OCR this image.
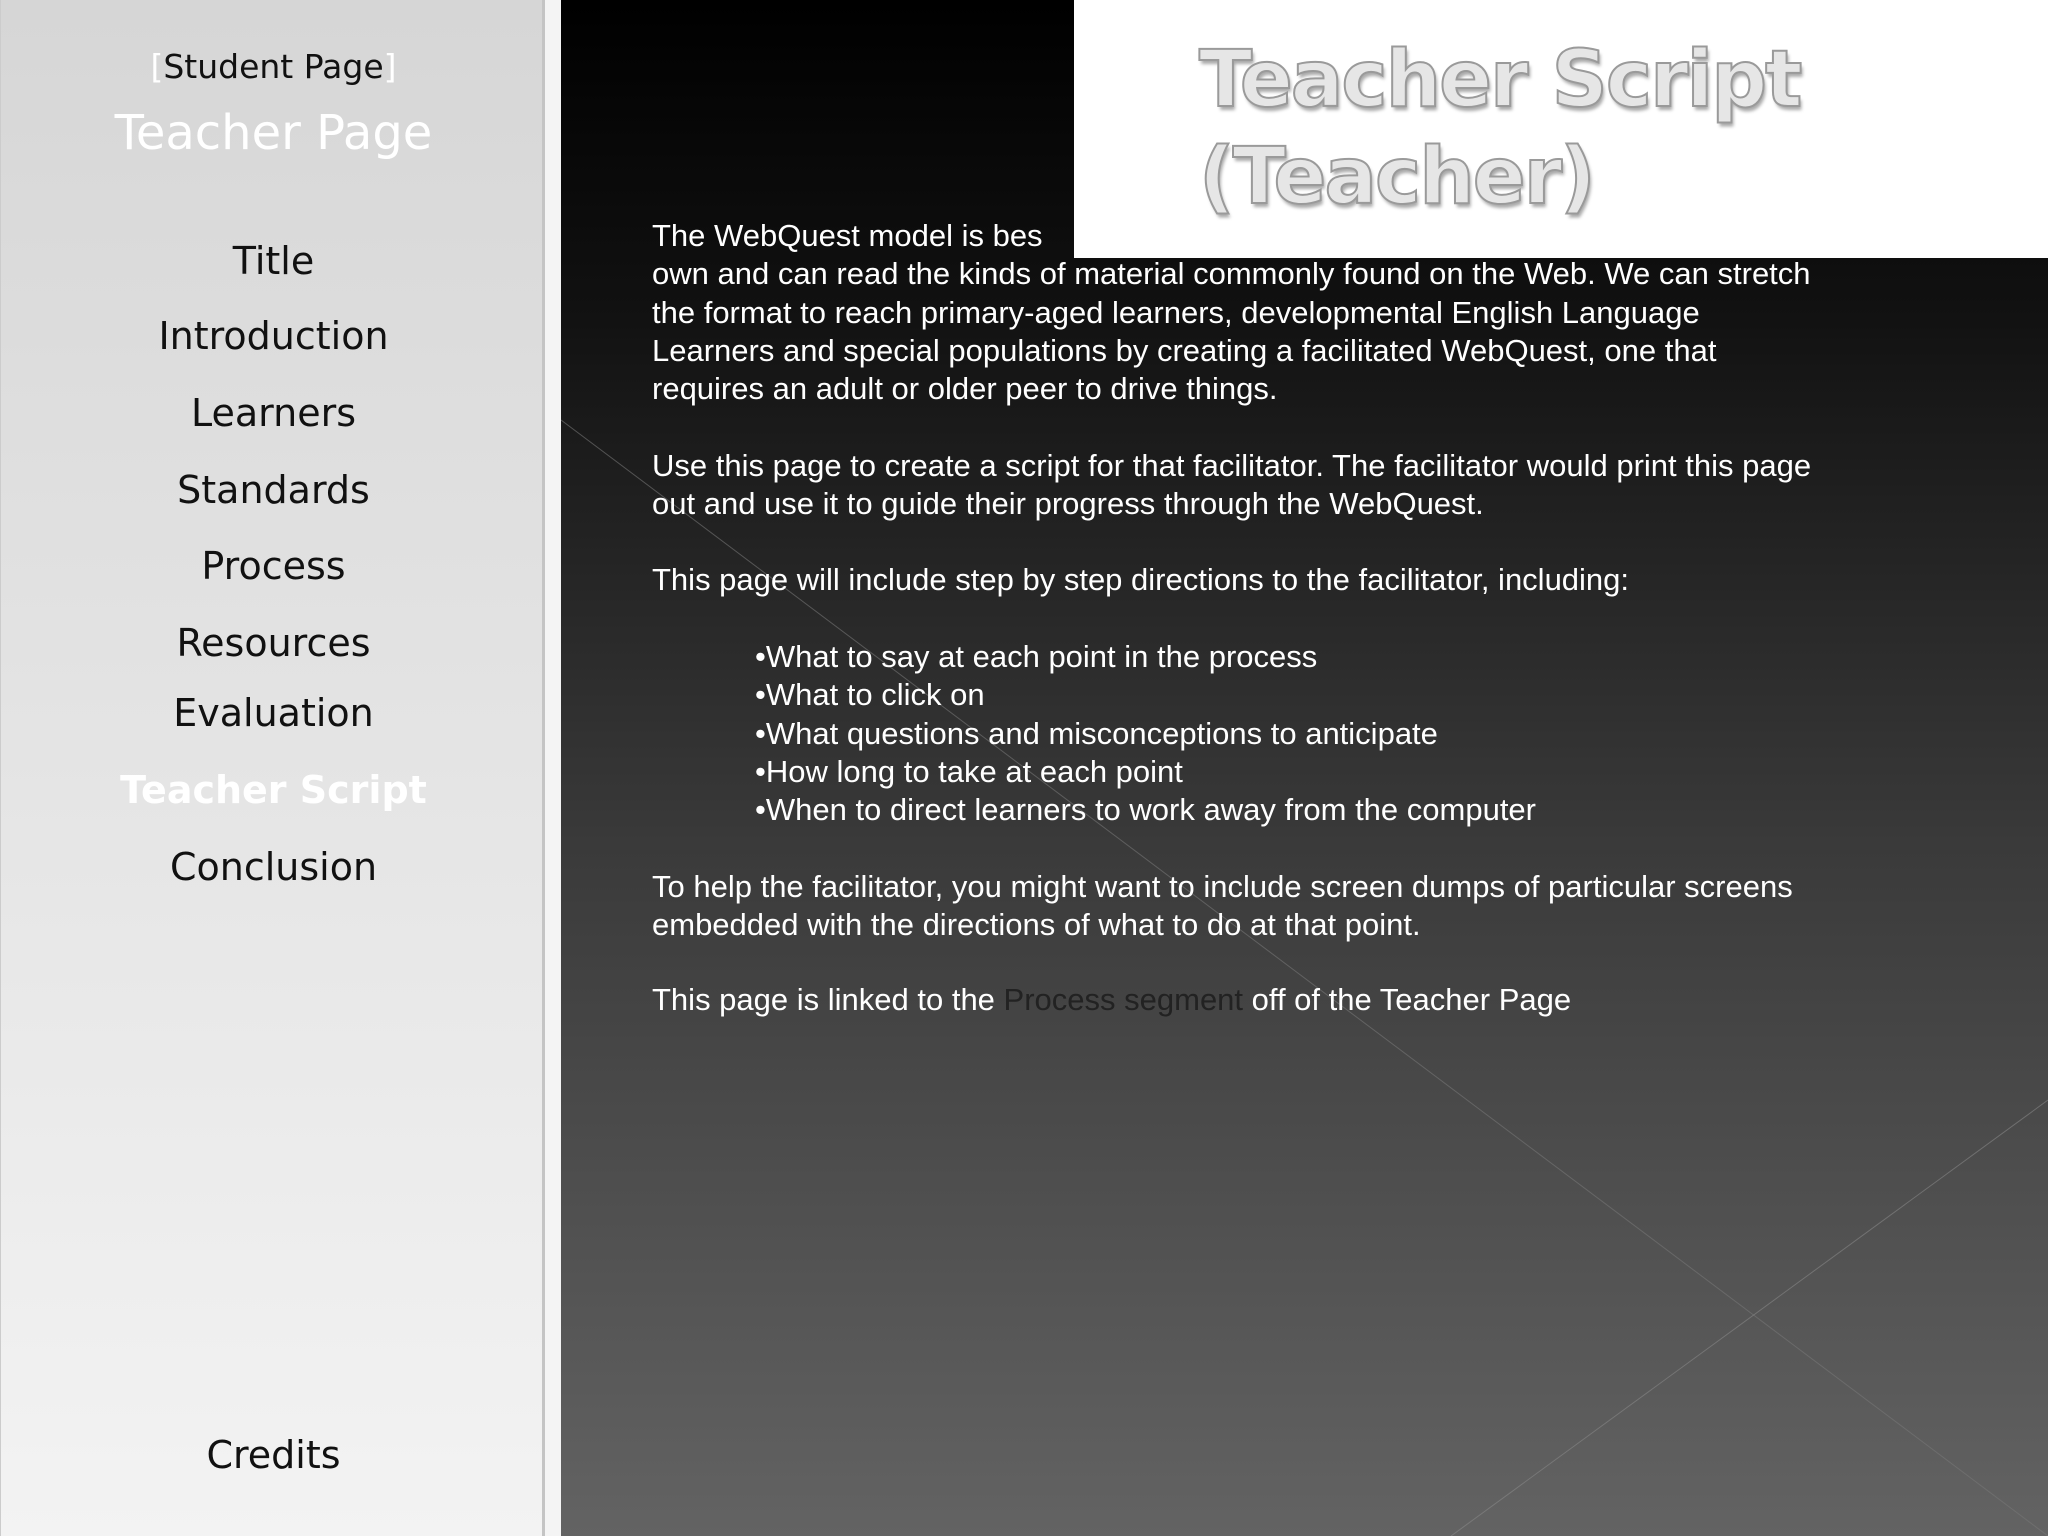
[Student Page]
Teacher Page
Title
Introduction
Learners
Standards
Process
Resources
Evaluation
Teacher Script
Conclusion
Credits
Teacher Script
(Teacher)
The WebQuest model is bes
own and can read the kinds of material commonly found on the Web. We can stretch
the format to reach primary-aged learners, developmental English Language
Learners and special populations by creating a facilitated WebQuest, one that
requires an adult or older peer to drive things.
Use this page to create a script for that facilitator. The facilitator would print this page
out and use it to guide their progress through the WebQuest.
This page will include step by step directions to the facilitator, including:
•What to say at each point in the process
•What to click on
•What questions and misconceptions to anticipate
•How long to take at each point
•When to direct learners to work away from the computer
To help the facilitator, you might want to include screen dumps of particular screens
embedded with the directions of what to do at that point.
This page is linked to the Process segment off of the Teacher Page
